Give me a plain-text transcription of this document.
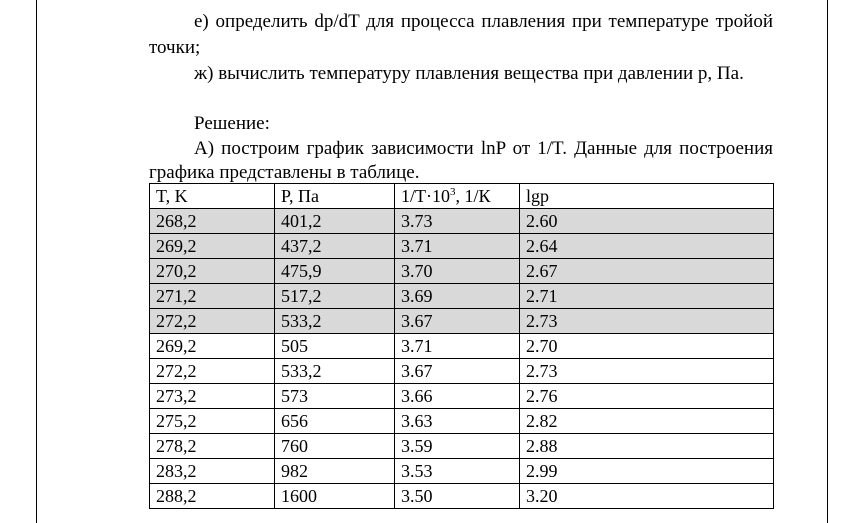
е) определить dp/dT для процесса плавления при температуре тройой
точки;
ж) вычислить температуру плавления вещества при давлении р, Па.
Решение:
А) построим график зависимости lnP от 1/T. Данные для построения
графика представлены в таблице.
T, K	P, Па	$1/T\cdot 10^3$, 1/К	lgp
268,2	401,2	3.73	2.60
269,2	437,2	3.71	2.64
270,2	475,9	3.70	2.67
271,2	517,2	3.69	2.71
272,2	533,2	3.67	2.73
269,2	505	3.71	2.70
272,2	533,2	3.67	2.73
273,2	573	3.66	2.76
275,2	656	3.63	2.82
278,2	760	3.59	2.88
283,2	982	3.53	2.99
288,2	1600	3.50	3.20
